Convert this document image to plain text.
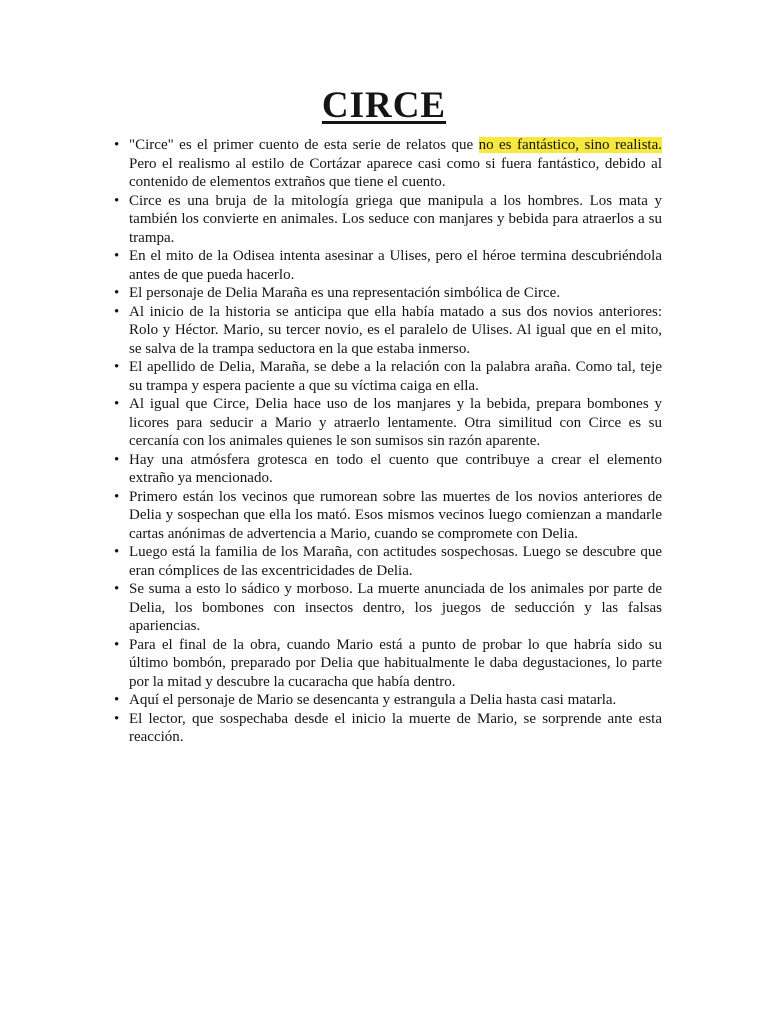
CIRCE
• "Circe" es el primer cuento de esta serie de relatos que no es fantástico, sino realista. Pero el realismo al estilo de Cortázar aparece casi como si fuera fantástico, debido al contenido de elementos extraños que tiene el cuento.
• Circe es una bruja de la mitología griega que manipula a los hombres. Los mata y también los convierte en animales. Los seduce con manjares y bebida para atraerlos a su trampa.
• En el mito de la Odisea intenta asesinar a Ulises, pero el héroe termina descubriéndola antes de que pueda hacerlo.
• El personaje de Delia Maraña es una representación simbólica de Circe.
• Al inicio de la historia se anticipa que ella había matado a sus dos novios anteriores: Rolo y Héctor. Mario, su tercer novio, es el paralelo de Ulises. Al igual que en el mito, se salva de la trampa seductora en la que estaba inmerso.
• El apellido de Delia, Maraña, se debe a la relación con la palabra araña. Como tal, teje su trampa y espera paciente a que su víctima caiga en ella.
• Al igual que Circe, Delia hace uso de los manjares y la bebida, prepara bombones y licores para seducir a Mario y atraerlo lentamente. Otra similitud con Circe es su cercanía con los animales quienes le son sumisos sin razón aparente.
• Hay una atmósfera grotesca en todo el cuento que contribuye a crear el elemento extraño ya mencionado.
• Primero están los vecinos que rumorean sobre las muertes de los novios anteriores de Delia y sospechan que ella los mató. Esos mismos vecinos luego comienzan a mandarle cartas anónimas de advertencia a Mario, cuando se compromete con Delia.
• Luego está la familia de los Maraña, con actitudes sospechosas. Luego se descubre que eran cómplices de las excentricidades de Delia.
• Se suma a esto lo sádico y morboso. La muerte anunciada de los animales por parte de Delia, los bombones con insectos dentro, los juegos de seducción y las falsas apariencias.
• Para el final de la obra, cuando Mario está a punto de probar lo que habría sido su último bombón, preparado por Delia que habitualmente le daba degustaciones, lo parte por la mitad y descubre la cucaracha que había dentro.
• Aquí el personaje de Mario se desencanta y estrangula a Delia hasta casi matarla.
• El lector, que sospechaba desde el inicio la muerte de Mario, se sorprende ante esta reacción.
